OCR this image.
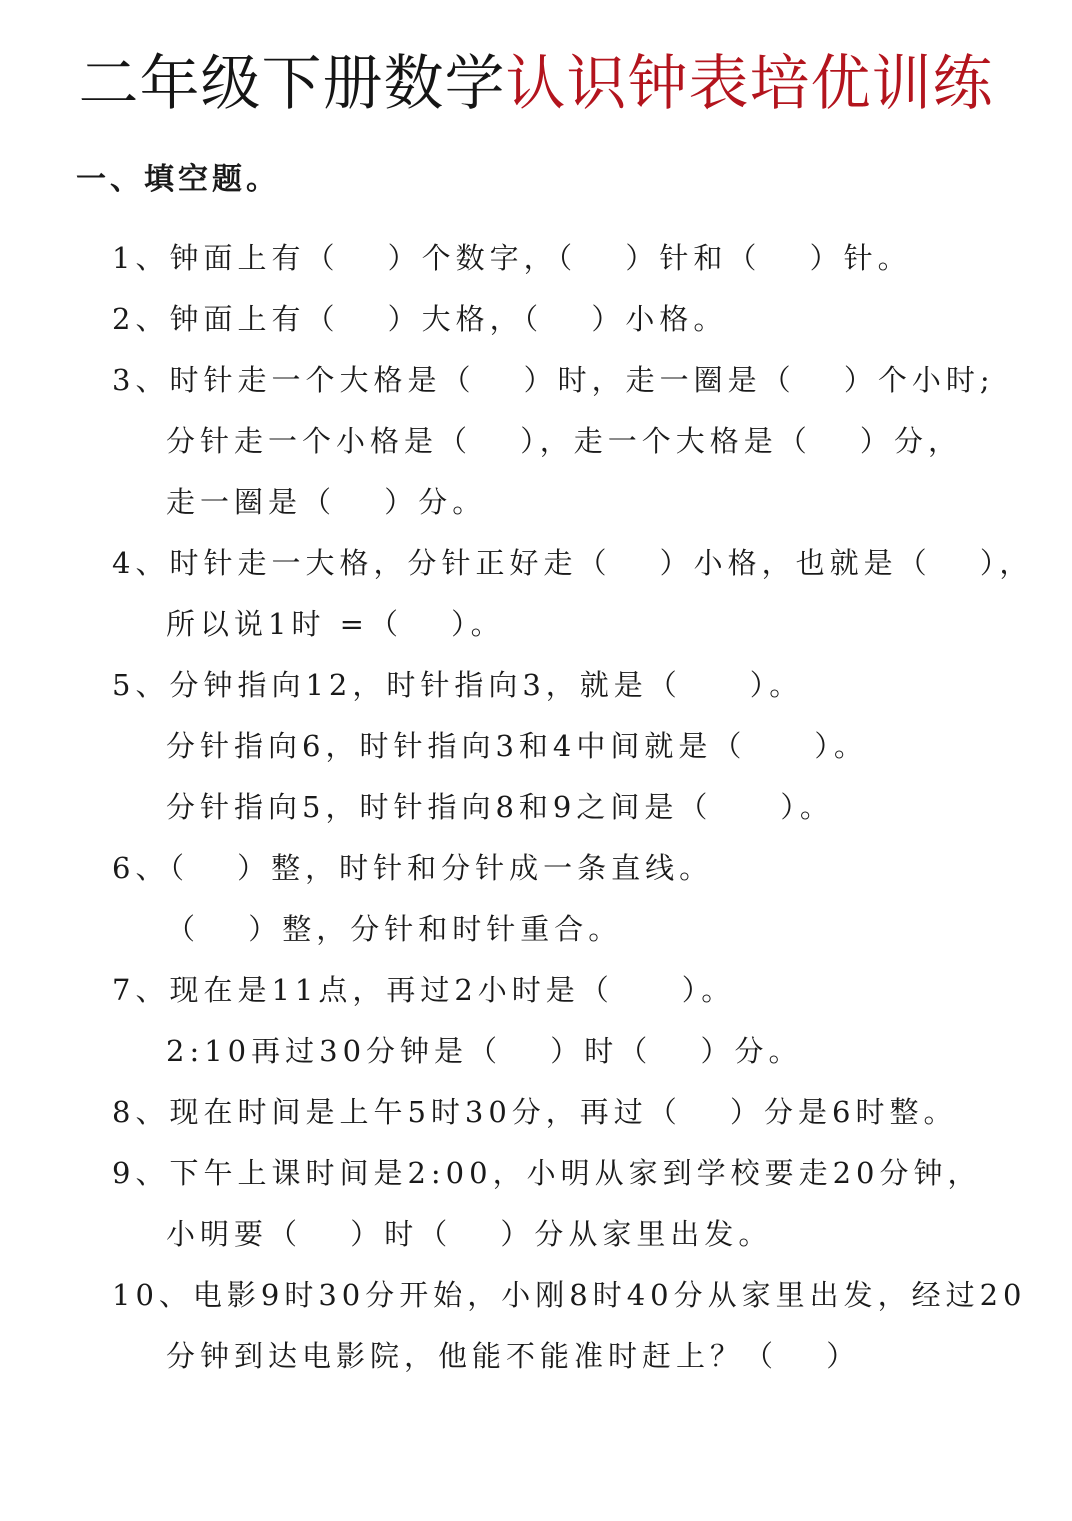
二年级下册数学认识钟表培优训练
一、填空题。
1、钟面上有（　 ）个数字，（　 ）针和（　 ）针。
2、钟面上有（　 ）大格，（　 ）小格。
3、时针走一个大格是（　 ）时，走一圈是（　 ）个小时;
分针走一个小格是（　 ），走一个大格是（　 ）分，
走一圈是（　 ）分。
4、时针走一大格，分针正好走（　 ）小格，也就是（　 ），
所以说1时 =（　 ）。
5、分钟指向12，时针指向3，就是（　　）。
分针指向6，时针指向3和4中间就是（　　）。
分针指向5，时针指向8和9之间是（　　）。
6、（　 ）整，时针和分针成一条直线。
（　 ）整，分针和时针重合。
7、现在是11点，再过2小时是（　　）。
2:10再过30分钟是（　 ）时（　 ）分。
8、现在时间是上午5时30分，再过（　 ）分是6时整。
9、下午上课时间是2:00，小明从家到学校要走20分钟，
小明要（　 ）时（　 ）分从家里出发。
10、电影9时30分开始，小刚8时40分从家里出发，经过20
分钟到达电影院，他能不能准时赶上？（　 ）
